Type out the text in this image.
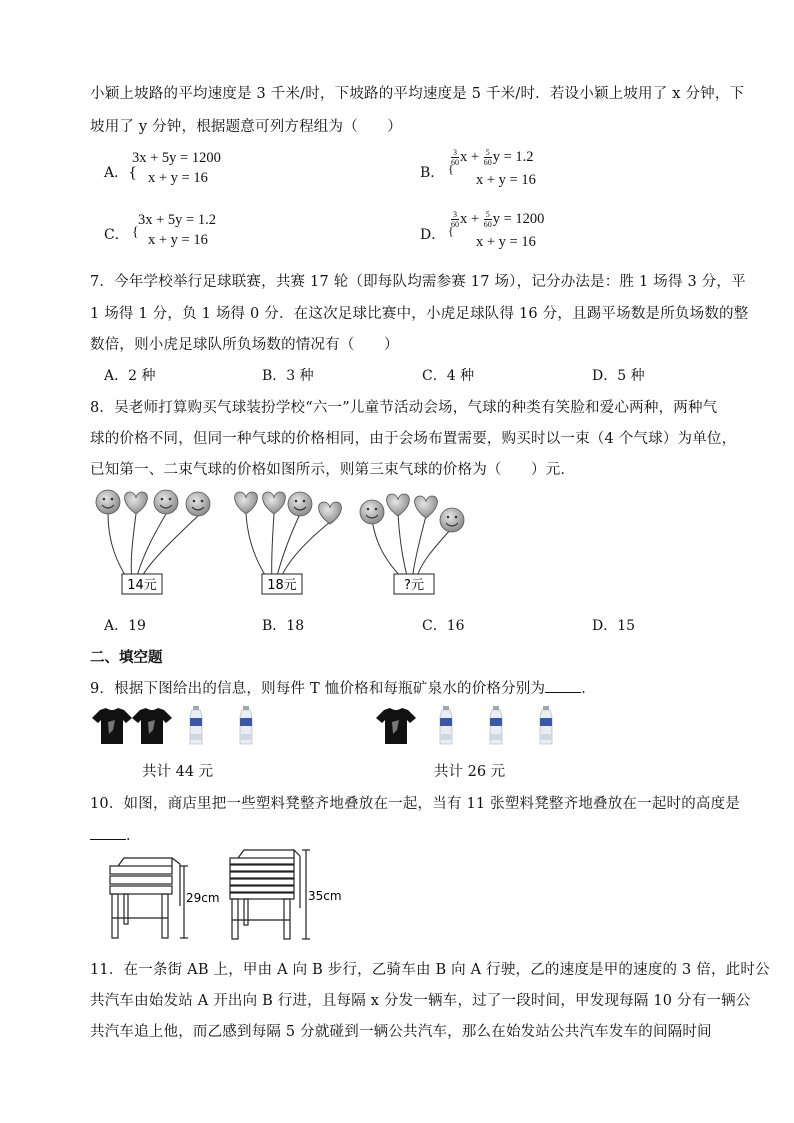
小颖上坡路的平均速度是 3 千米/时，下坡路的平均速度是 5 千米/时．若设小颖上坡用了 x 分钟，下
坡用了 y 分钟，根据题意可列方程组为（　　）
A．{
3x + 5y = 1200
x + y = 16	B．
$\frac{3}{60}$ $x + \frac{5}{60}$ y = 1.2
{
x + y = 16
C． {
3x + 5y = 1.2
x + y = 16	D．
$\frac{3}{60}$ $x + \frac{5}{60}$ y = 1200
{
x + y = 16
7．今年学校举行足球联赛，共赛 17 轮（即每队均需参赛 17 场），记分办法是：胜 1 场得 3 分，平
1 场得 1 分，负 1 场得 0 分．在这次足球比赛中，小虎足球队得 16 分，且踢平场数是所负场数的整
数倍，则小虎足球队所负场数的情况有（　　）
A．2 种	B．3 种	C．4 种	D．5 种
8．吴老师打算购买气球装扮学校“六一”儿童节活动会场，气球的种类有笑脸和爱心两种，两种气
球的价格不同，但同一种气球的价格相同，由于会场布置需要，购买时以一束（4 个气球）为单位，
已知第一、二束气球的价格如图所示，则第三束气球的价格为（　　）元．
14元	18元	?元
A．19	B．18	C．16	D．15
二、填空题
9．根据下图给出的信息，则每件 T 恤价格和每瓶矿泉水的价格分别为 ．
共计 44 元	共计 26 元
10．如图，商店里把一些塑料凳整齐地叠放在一起，当有 11 张塑料凳整齐地叠放在一起时的高度是
．
29cm	35cm
11．在一条街 AB 上，甲由 A 向 B 步行，乙骑车由 B 向 A 行驶，乙的速度是甲的速度的 3 倍，此时公
共汽车由始发站 A 开出向 B 行进，且每隔 x 分发一辆车，过了一段时间，甲发现每隔 10 分有一辆公
共汽车追上他，而乙感到每隔 5 分就碰到一辆公共汽车，那么在始发站公共汽车发车的间隔时间
